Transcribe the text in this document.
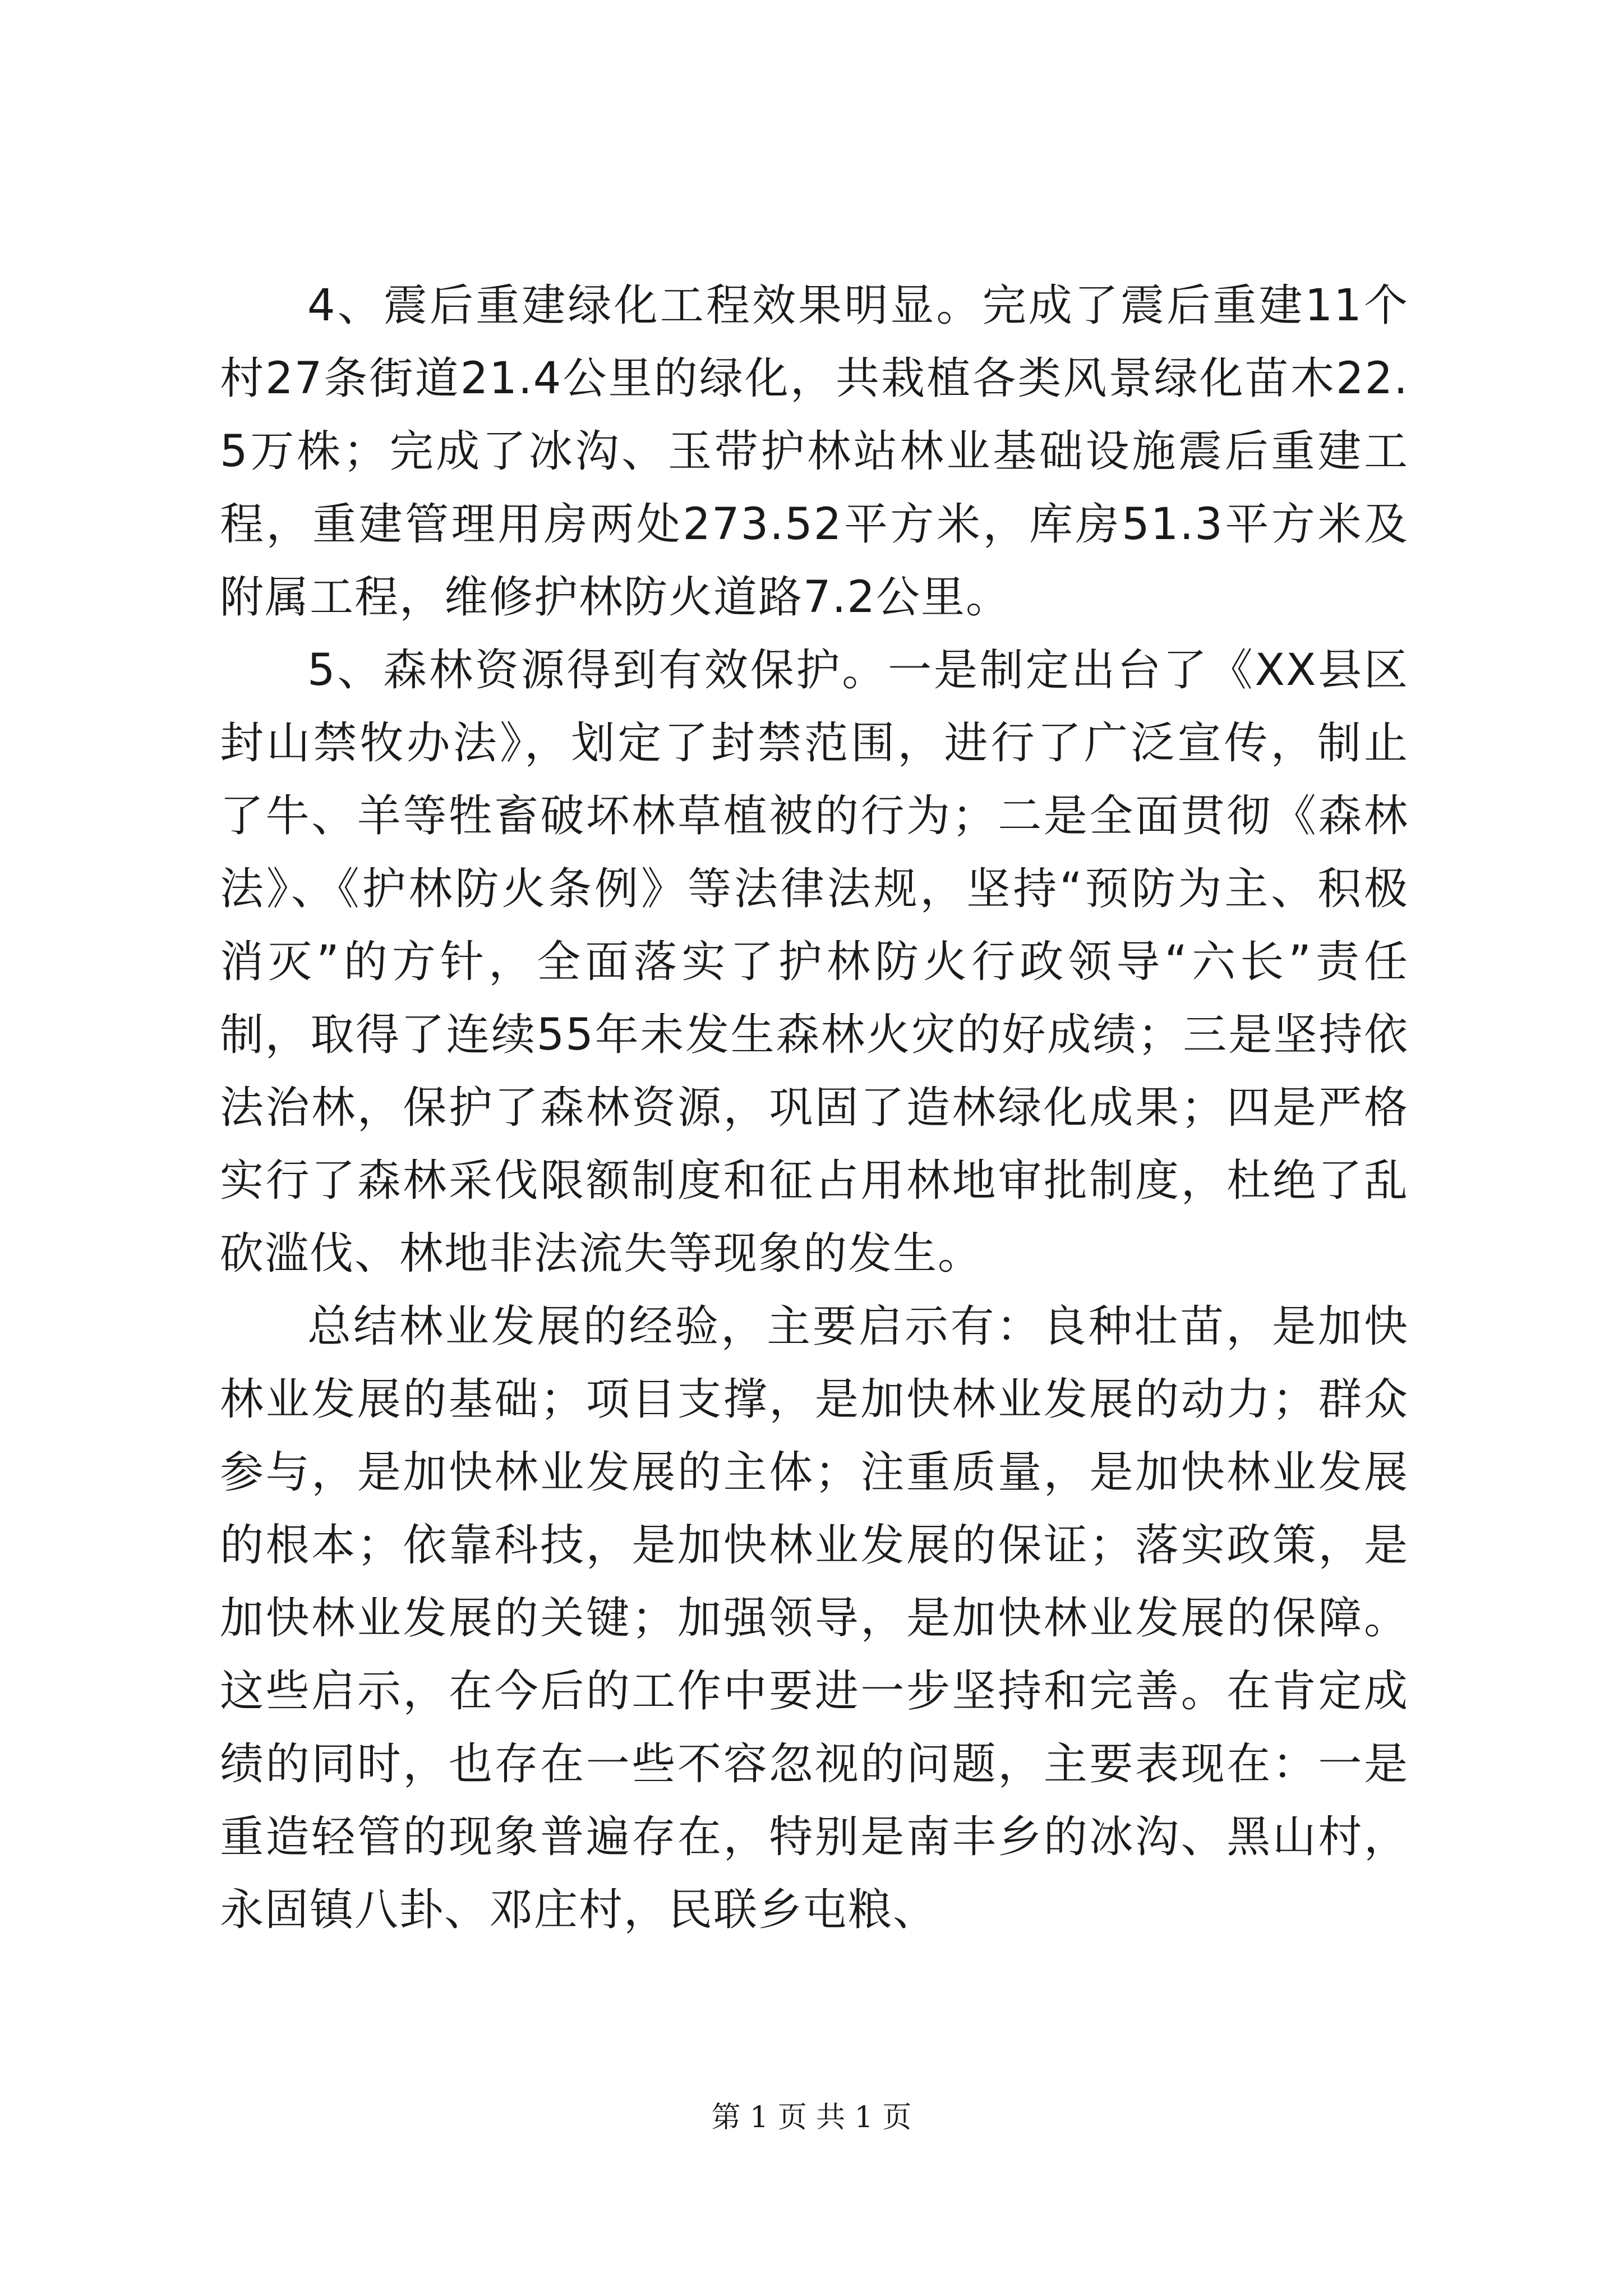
4、震后重建绿化工程效果明显。完成了震后重建11个村27条街道21.4公里的绿化，共栽植各类风景绿化苗木22.5万株；完成了冰沟、玉带护林站林业基础设施震后重建工程，重建管理用房两处273.52平方米，库房51.3平方米及附属工程，维修护林防火道路7.2公里。

5、森林资源得到有效保护。一是制定出台了《XX县区封山禁牧办法》，划定了封禁范围，进行了广泛宣传，制止了牛、羊等牲畜破坏林草植被的行为；二是全面贯彻《森林法》、《护林防火条例》等法律法规，坚持“预防为主、积极消灭”的方针，全面落实了护林防火行政领导“六长”责任制，取得了连续55年未发生森林火灾的好成绩；三是坚持依法治林，保护了森林资源，巩固了造林绿化成果；四是严格实行了森林采伐限额制度和征占用林地审批制度，杜绝了乱砍滥伐、林地非法流失等现象的发生。

总结林业发展的经验，主要启示有：良种壮苗，是加快林业发展的基础；项目支撑，是加快林业发展的动力；群众参与，是加快林业发展的主体；注重质量，是加快林业发展的根本；依靠科技，是加快林业发展的保证；落实政策，是加快林业发展的关键；加强领导，是加快林业发展的保障。这些启示，在今后的工作中要进一步坚持和完善。在肯定成绩的同时，也存在一些不容忽视的问题，主要表现在：一是重造轻管的现象普遍存在，特别是南丰乡的冰沟、黑山村，永固镇八卦、邓庄村，民联乡屯粮、

第 1 页 共 1 页
